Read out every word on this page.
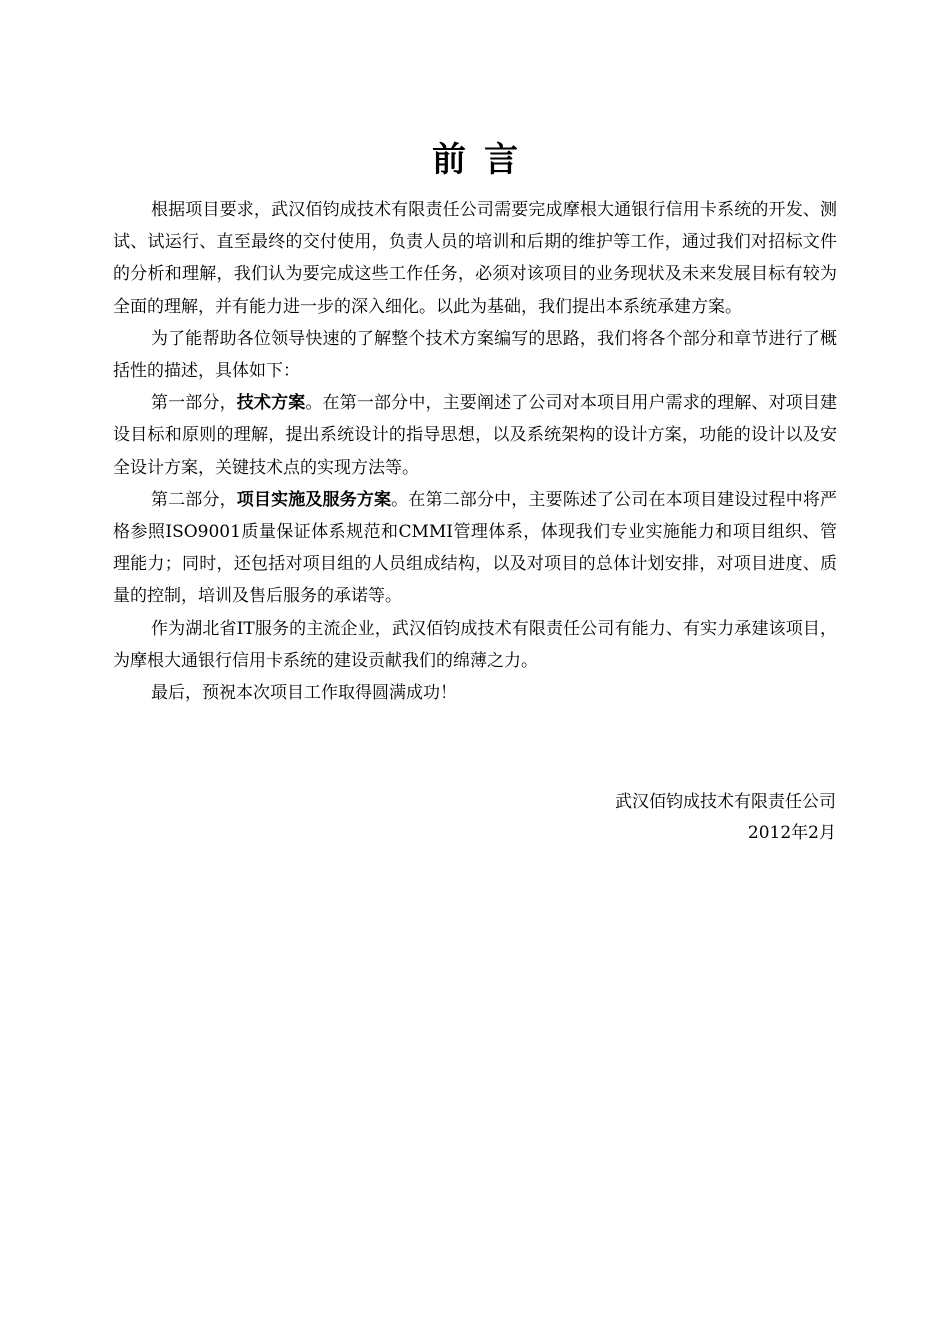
前 言

根据项目要求，武汉佰钧成技术有限责任公司需要完成摩根大通银行信用卡系统的开发、测试、试运行、直至最终的交付使用，负责人员的培训和后期的维护等工作，通过我们对招标文件的分析和理解，我们认为要完成这些工作任务，必须对该项目的业务现状及未来发展目标有较为全面的理解，并有能力进一步的深入细化。以此为基础，我们提出本系统承建方案。

为了能帮助各位领导快速的了解整个技术方案编写的思路，我们将各个部分和章节进行了概括性的描述，具体如下：

第一部分，技术方案。在第一部分中，主要阐述了公司对本项目用户需求的理解、对项目建设目标和原则的理解，提出系统设计的指导思想，以及系统架构的设计方案，功能的设计以及安全设计方案，关键技术点的实现方法等。

第二部分，项目实施及服务方案。在第二部分中，主要陈述了公司在本项目建设过程中将严格参照ISO9001质量保证体系规范和CMMI管理体系，体现我们专业实施能力和项目组织、管理能力；同时，还包括对项目组的人员组成结构，以及对项目的总体计划安排，对项目进度、质量的控制，培训及售后服务的承诺等。

作为湖北省IT服务的主流企业，武汉佰钧成技术有限责任公司有能力、有实力承建该项目，为摩根大通银行信用卡系统的建设贡献我们的绵薄之力。

最后，预祝本次项目工作取得圆满成功！

武汉佰钧成技术有限责任公司
2012年2月
